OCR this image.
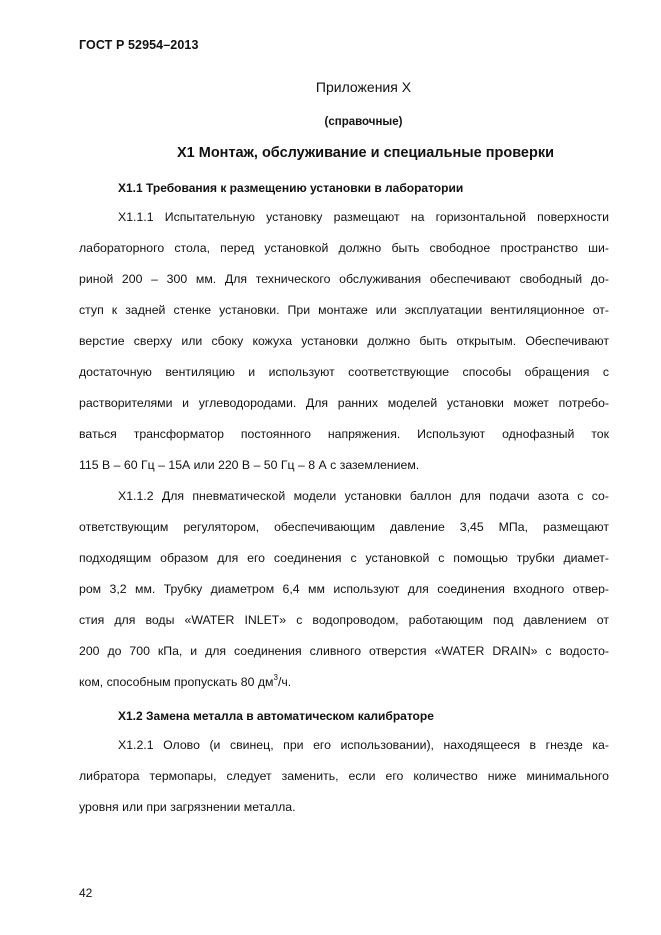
ГОСТ Р 52954–2013
Приложения Х
(справочные)
Х1 Монтаж, обслуживание и специальные проверки
Х1.1 Требования к размещению установки в лаборатории
Х1.1.1 Испытательную установку размещают на горизонтальной поверхности
лабораторного стола, перед установкой должно быть свободное пространство ши-
риной 200 – 300 мм. Для технического обслуживания обеспечивают свободный до-
ступ к задней стенке установки. При монтаже или эксплуатации вентиляционное от-
верстие сверху или сбоку кожуха установки должно быть открытым. Обеспечивают
достаточную вентиляцию и используют соответствующие способы обращения с
растворителями и углеводородами. Для ранних моделей установки может потребо-
ваться трансформатор постоянного напряжения. Используют однофазный ток
115 В – 60 Гц – 15А или 220 В – 50 Гц – 8 А с заземлением.
Х1.1.2 Для пневматической модели установки баллон для подачи азота с со-
ответствующим регулятором, обеспечивающим давление 3,45 МПа, размещают
подходящим образом для его соединения с установкой с помощью трубки диамет-
ром 3,2 мм. Трубку диаметром 6,4 мм используют для соединения входного отвер-
стия для воды «WATER INLET» с водопроводом, работающим под давлением от
200 до 700 кПа, и для соединения сливного отверстия «WATER DRAIN» с водосто-
ком, способным пропускать 80 $дм^3/ч$.
Х1.2 Замена металла в автоматическом калибраторе
Х1.2.1 Олово (и свинец, при его использовании), находящееся в гнезде ка-
либратора термопары, следует заменить, если его количество ниже минимального
уровня или при загрязнении металла.
42
